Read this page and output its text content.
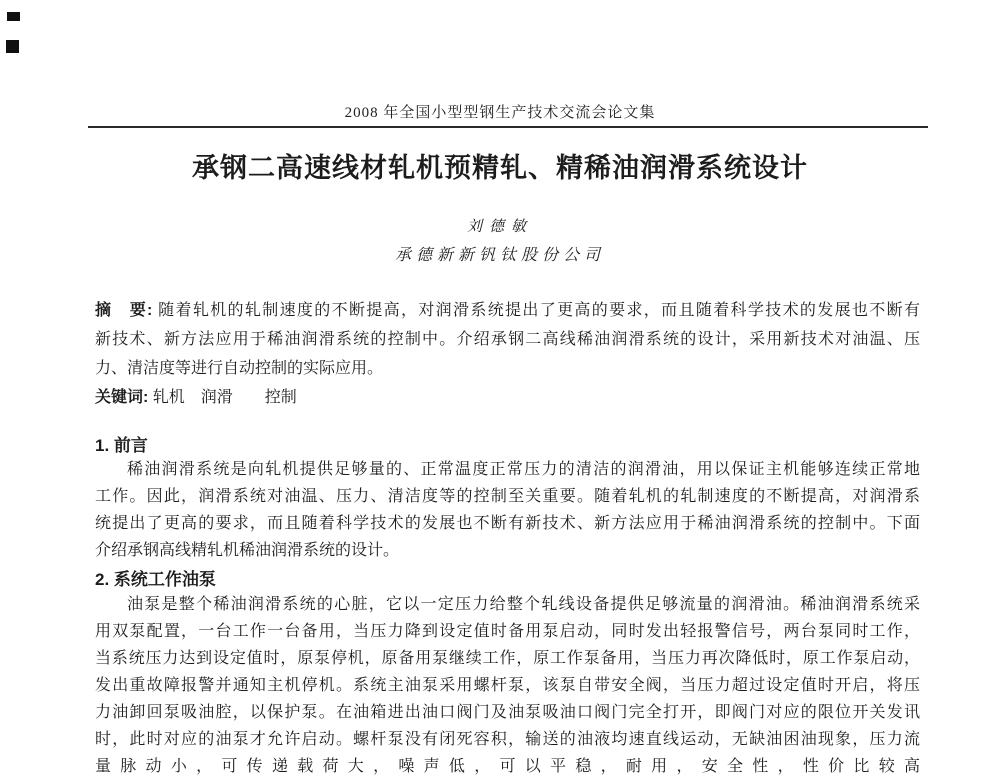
2008 年全国小型型钢生产技术交流会论文集
承钢二高速线材轧机预精轧、精稀油润滑系统设计
刘德敏
承德新新钒钛股份公司
摘　要: 随着轧机的轧制速度的不断提高，对润滑系统提出了更高的要求，而且随着科学技术的发展也不断有
新技术、新方法应用于稀油润滑系统的控制中。介绍承钢二高线稀油润滑系统的设计，采用新技术对油温、压
力、清洁度等进行自动控制的实际应用。
关键词: 轧机　润滑　　控制
1. 前言
稀油润滑系统是向轧机提供足够量的、正常温度正常压力的清洁的润滑油，用以保证主机能够连续正常地
工作。因此，润滑系统对油温、压力、清洁度等的控制至关重要。随着轧机的轧制速度的不断提高，对润滑系
统提出了更高的要求，而且随着科学技术的发展也不断有新技术、新方法应用于稀油润滑系统的控制中。下面
介绍承钢高线精轧机稀油润滑系统的设计。
2. 系统工作油泵
油泵是整个稀油润滑系统的心脏，它以一定压力给整个轧线设备提供足够流量的润滑油。稀油润滑系统采
用双泵配置，一台工作一台备用，当压力降到设定值时备用泵启动，同时发出轻报警信号，两台泵同时工作，
当系统压力达到设定值时，原泵停机，原备用泵继续工作，原工作泵备用，当压力再次降低时，原工作泵启动，
发出重故障报警并通知主机停机。系统主油泵采用螺杆泵，该泵自带安全阀，当压力超过设定值时开启，将压
力油卸回泵吸油腔，以保护泵。在油箱进出油口阀门及油泵吸油口阀门完全打开，即阀门对应的限位开关发讯
时，此时对应的油泵才允许启动。螺杆泵没有闭死容积，输送的油液均速直线运动，无缺油困油现象，压力流
量脉动小，可传递载荷大，噪声低，可以平稳，耐用，安全性，性价比较高
